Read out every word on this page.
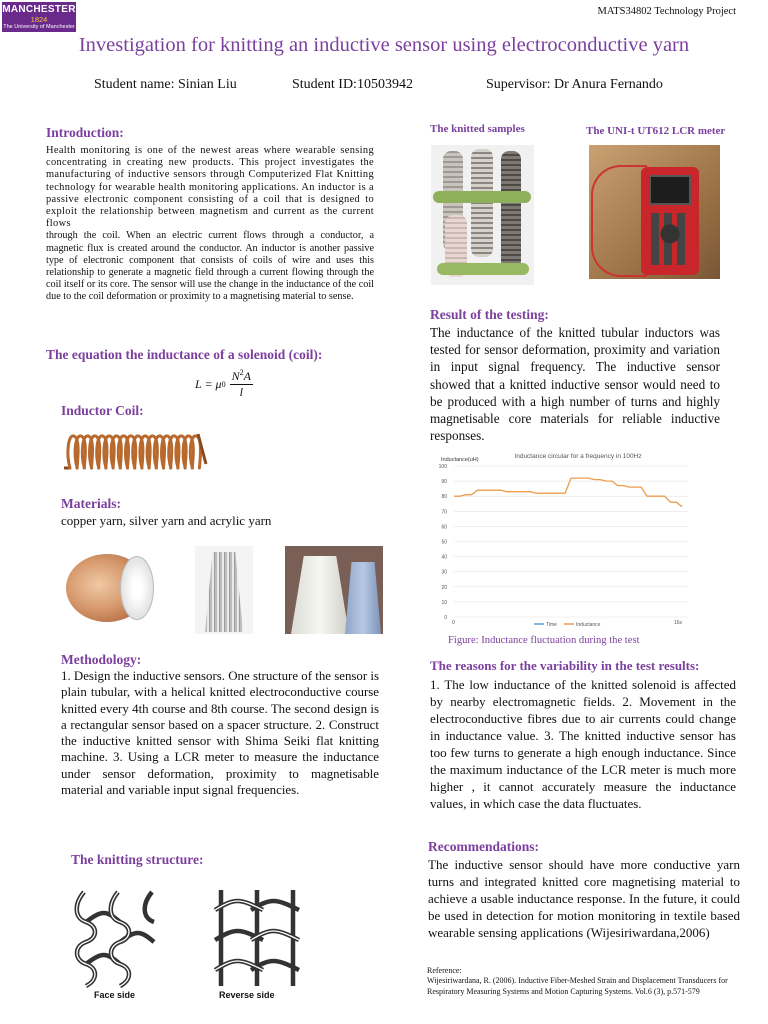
MANCHESTER
1824
The University of Manchester
MATS34802 Technology Project
Investigation for knitting an inductive sensor using electroconductive yarn
Student name: Sinian Liu	Student ID:10503942	Supervisor: Dr Anura Fernando
Introduction:
Health monitoring is one of the newest areas where wearable sensing concentrating in creating new products. This project investigates the manufacturing of inductive sensors through Computerized Flat Knitting technology for wearable health monitoring applications. An inductor is a passive electronic component consisting of a coil that is designed to exploit the relationship between magnetism and current as the current flows
through the coil. When an electric current flows through a conductor, a magnetic flux is created around the conductor. An inductor is another passive type of electronic component that consists of coils of wire and uses this relationship to generate a magnetic field through a current flowing through the coil itself or its core. The sensor will use the change in the inductance of the coil due to the coil deformation or proximity to a magnetising material to sense.
The equation the inductance of a solenoid (coil):
L = μ $0 \frac{N^2A}{l}$
Inductor Coil:
Materials:
copper yarn, silver yarn and acrylic yarn
Methodology:
1. Design the inductive sensors. One structure of the sensor is plain tubular, with a helical knitted electroconductive course knitted every 4th course and 8th course. The second design is a rectangular sensor based on a spacer structure. 2. Construct the inductive knitted sensor with Shima Seiki flat knitting machine. 3. Using a LCR meter to measure the inductance under sensor deformation, proximity to magnetisable material and variable input signal frequencies.
The knitting structure:
Face side	Reverse side
The knitted samples	The UNI-t UT612 LCR meter
Result of the testing:
The inductance of the knitted tubular inductors was tested for sensor deformation, proximity and variation in input signal frequency. The inductive sensor showed that a knitted inductive sensor would need to be produced with a high number of turns and highly magnetisable core materials for reliable inductive responses.
Inductance circular for a frequency in 100Hz
Inductance(uH)
0
10
20
30
40
50
60
70
80
90
100
0	16s
Time	Inductance
Figure: Inductance fluctuation during the test
The reasons for the variability in the test results:
1. The low inductance of the knitted solenoid is affected by nearby electromagnetic fields. 2. Movement in the electroconductive fibres due to air currents could change in inductance value. 3. The knitted inductive sensor has too few turns to generate a high enough inductance. Since the maximum inductance of the LCR meter is much more higher , it cannot accurately measure the inductance values, in which case the data fluctuates.
Recommendations:
The inductive sensor should have more conductive yarn turns and integrated knitted core magnetising material to achieve a usable inductance response. In the future, it could be used in detection for motion monitoring in textile based wearable sensing applications (Wijesiriwardana,2006)
Reference:
Wijesiriwardana, R. (2006). Inductive Fiber-Meshed Strain and Displacement Transducers for Respiratory Measuring Systems and Motion Capturing Systems. Vol.6 (3), p.571-579
